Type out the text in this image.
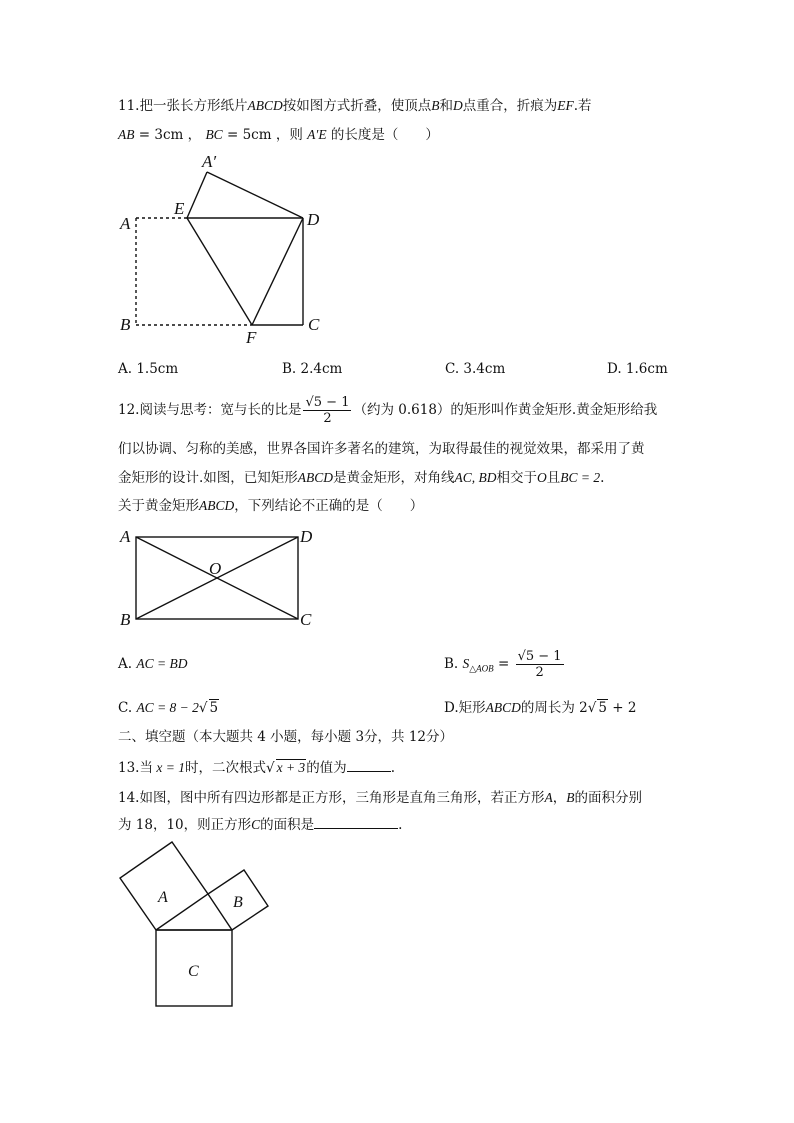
11.把一张长方形纸片ABCD按如图方式折叠，使顶点B和D点重合，折痕为EF.若
AB = 3cm ， BC = 5cm ，则 A′E 的长度是（　　）
A′
E
A	D
B
F
C
A. 1.5cm	B. 2.4cm	C. 3.4cm	D. 1.6cm
12.阅读与思考：宽与长的比是 $\frac{√5 - 1}{2}$ （约为 0.618）的矩形叫作黄金矩形.黄金矩形给我
们以协调、匀称的美感，世界各国许多著名的建筑，为取得最佳的视觉效果，都采用了黄
金矩形的设计.如图，已知矩形ABCD是黄金矩形，对角线AC, BD相交于O且BC = 2.
关于黄金矩形ABCD，下列结论不正确的是（　　）
A	D
O
B	C
A. AC = BD	B. $S_{\triangle AOB} = \frac{√5 - 1}{2}$
C. AC = 8 − 2√ 5	D.矩形ABCD的周长为 2√ 5 + 2
二、填空题（本大题共 4 小题，每小题 3分，共 12分）
13.当 x = 1时，二次根式√ x + 3的值为	.
14.如图，图中所有四边形都是正方形，三角形是直角三角形，若正方形A，B的面积分别
为 18，10，则正方形C的面积是	.
A	B
C
